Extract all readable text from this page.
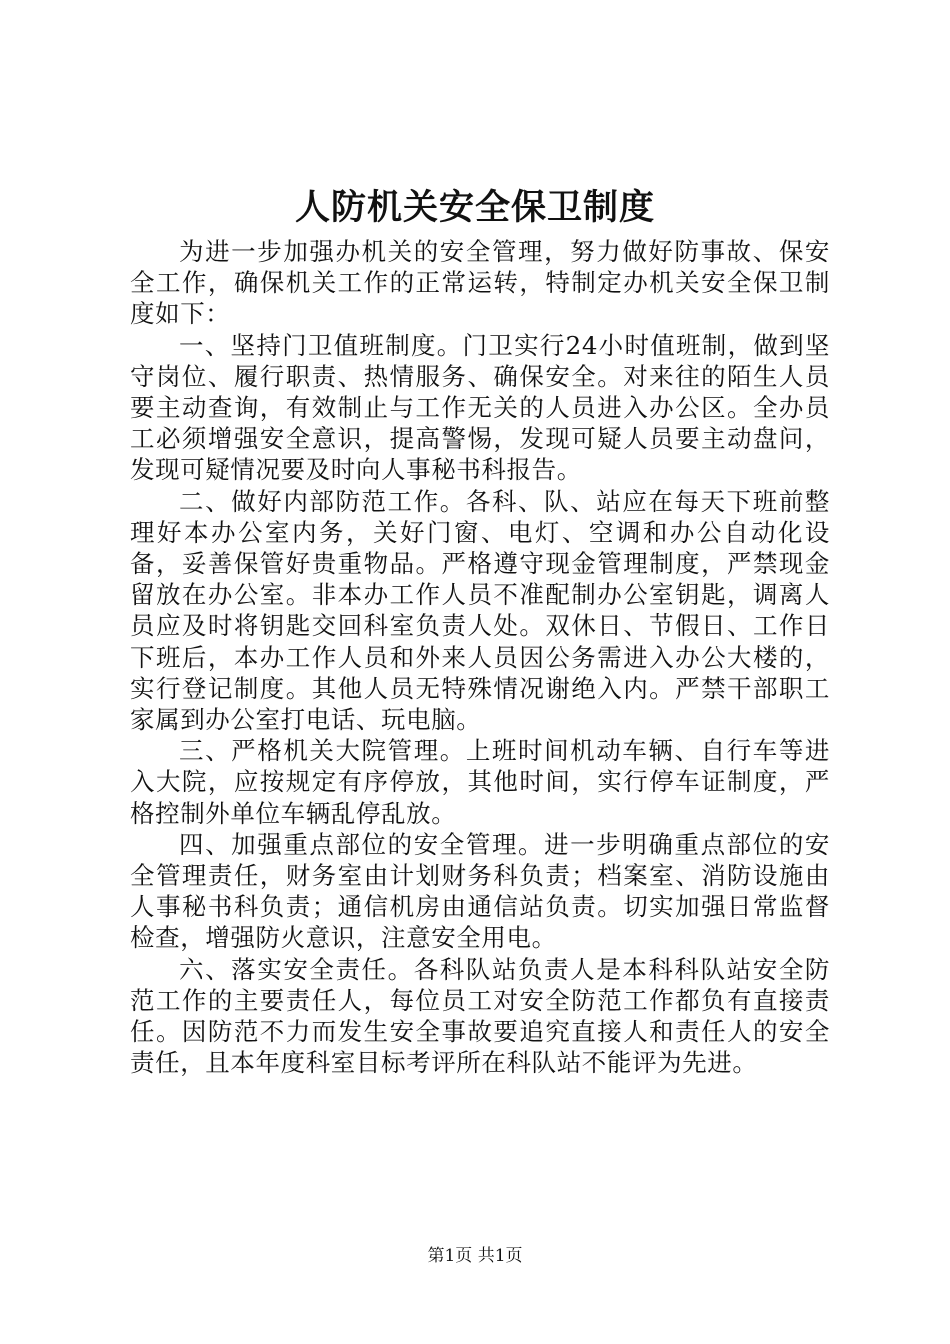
人防机关安全保卫制度

为进一步加强办机关的安全管理，努力做好防事故、保安全工作，确保机关工作的正常运转，特制定办机关安全保卫制度如下：

一、坚持门卫值班制度。门卫实行24小时值班制，做到坚守岗位、履行职责、热情服务、确保安全。对来往的陌生人员要主动查询，有效制止与工作无关的人员进入办公区。全办员工必须增强安全意识，提高警惕，发现可疑人员要主动盘问，发现可疑情况要及时向人事秘书科报告。

二、做好内部防范工作。各科、队、站应在每天下班前整理好本办公室内务，关好门窗、电灯、空调和办公自动化设备，妥善保管好贵重物品。严格遵守现金管理制度，严禁现金留放在办公室。非本办工作人员不准配制办公室钥匙，调离人员应及时将钥匙交回科室负责人处。双休日、节假日、工作日下班后，本办工作人员和外来人员因公务需进入办公大楼的，实行登记制度。其他人员无特殊情况谢绝入内。严禁干部职工家属到办公室打电话、玩电脑。

三、严格机关大院管理。上班时间机动车辆、自行车等进入大院，应按规定有序停放，其他时间，实行停车证制度，严格控制外单位车辆乱停乱放。

四、加强重点部位的安全管理。进一步明确重点部位的安全管理责任，财务室由计划财务科负责；档案室、消防设施由人事秘书科负责；通信机房由通信站负责。切实加强日常监督检查，增强防火意识，注意安全用电。

六、落实安全责任。各科队站负责人是本科科队站安全防范工作的主要责任人，每位员工对安全防范工作都负有直接责任。因防范不力而发生安全事故要追究直接人和责任人的安全责任，且本年度科室目标考评所在科队站不能评为先进。

第1页 共1页
